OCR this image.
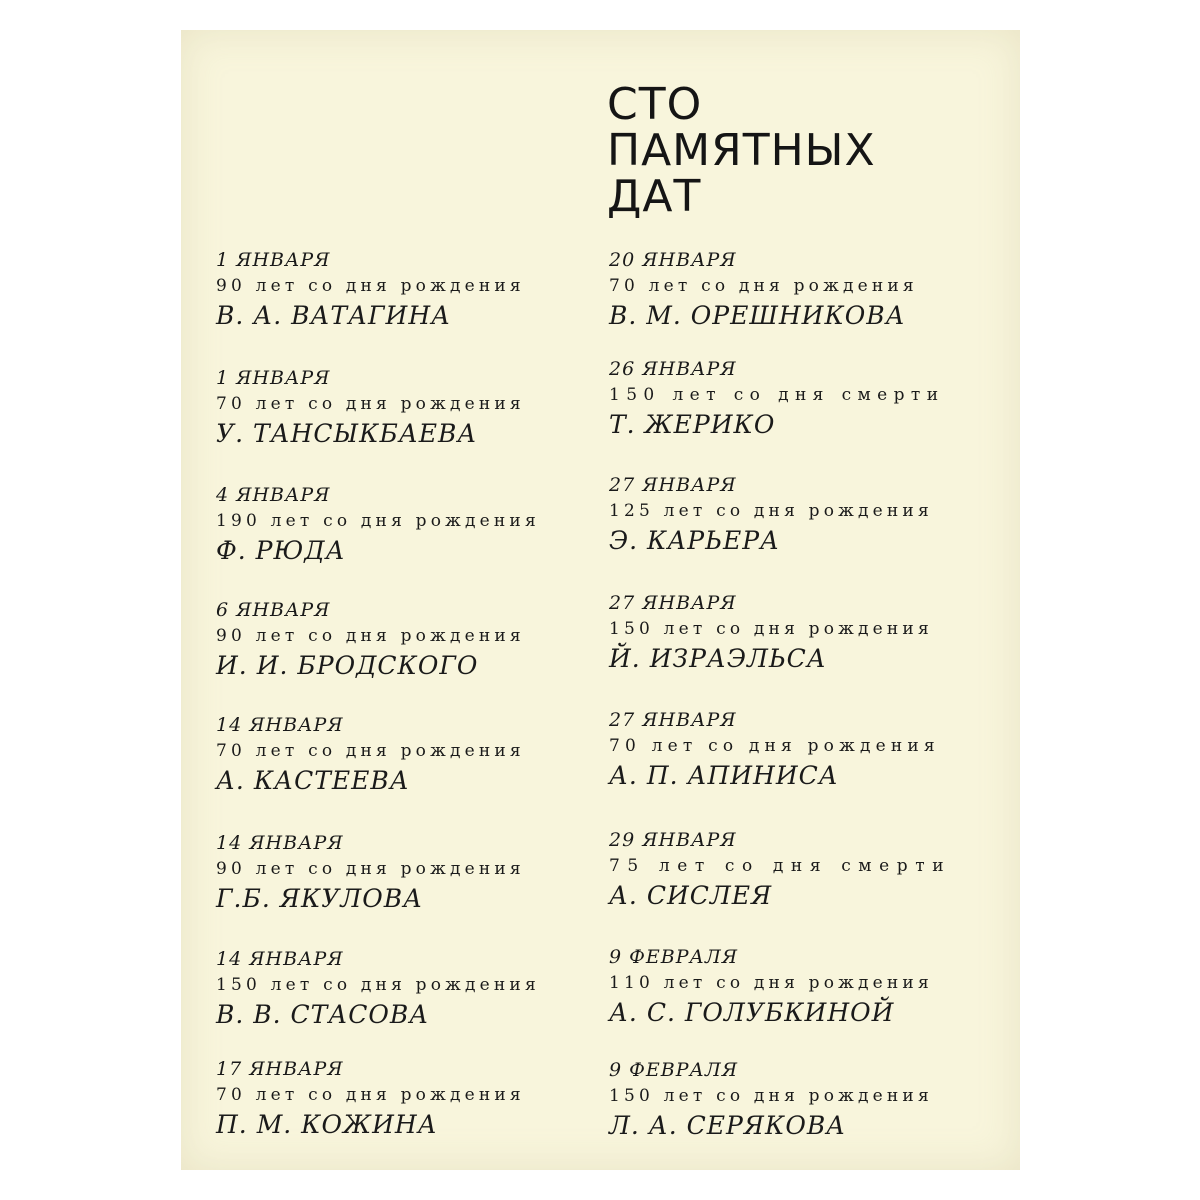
СТО
ПАМЯТНЫХ
ДАТ
1 ЯНВАРЯ
90 лет со дня рождения
В. А. ВАТАГИНА
1 ЯНВАРЯ
70 лет со дня рождения
У. ТАНСЫКБАЕВА
4 ЯНВАРЯ
190 лет со дня рождения
Ф. РЮДА
6 ЯНВАРЯ
90 лет со дня рождения
И. И. БРОДСКОГО
14 ЯНВАРЯ
70 лет со дня рождения
А. КАСТЕЕВА
14 ЯНВАРЯ
90 лет со дня рождения
Г.Б. ЯКУЛОВА
14 ЯНВАРЯ
150 лет со дня рождения
В. В. СТАСОВА
17 ЯНВАРЯ
70 лет со дня рождения
П. М. КОЖИНА
20 ЯНВАРЯ
70 лет со дня рождения
В. М. ОРЕШНИКОВА
26 ЯНВАРЯ
150 лет со дня смерти
Т. ЖЕРИКО
27 ЯНВАРЯ
125 лет со дня рождения
Э. КАРЬЕРА
27 ЯНВАРЯ
150 лет со дня рождения
Й. ИЗРАЭЛЬСА
27 ЯНВАРЯ
70 лет со дня рождения
А. П. АПИНИСА
29 ЯНВАРЯ
75 лет со дня смерти
А. СИСЛЕЯ
9 ФЕВРАЛЯ
110 лет со дня рождения
А. С. ГОЛУБКИНОЙ
9 ФЕВРАЛЯ
150 лет со дня рождения
Л. А. СЕРЯКОВА
